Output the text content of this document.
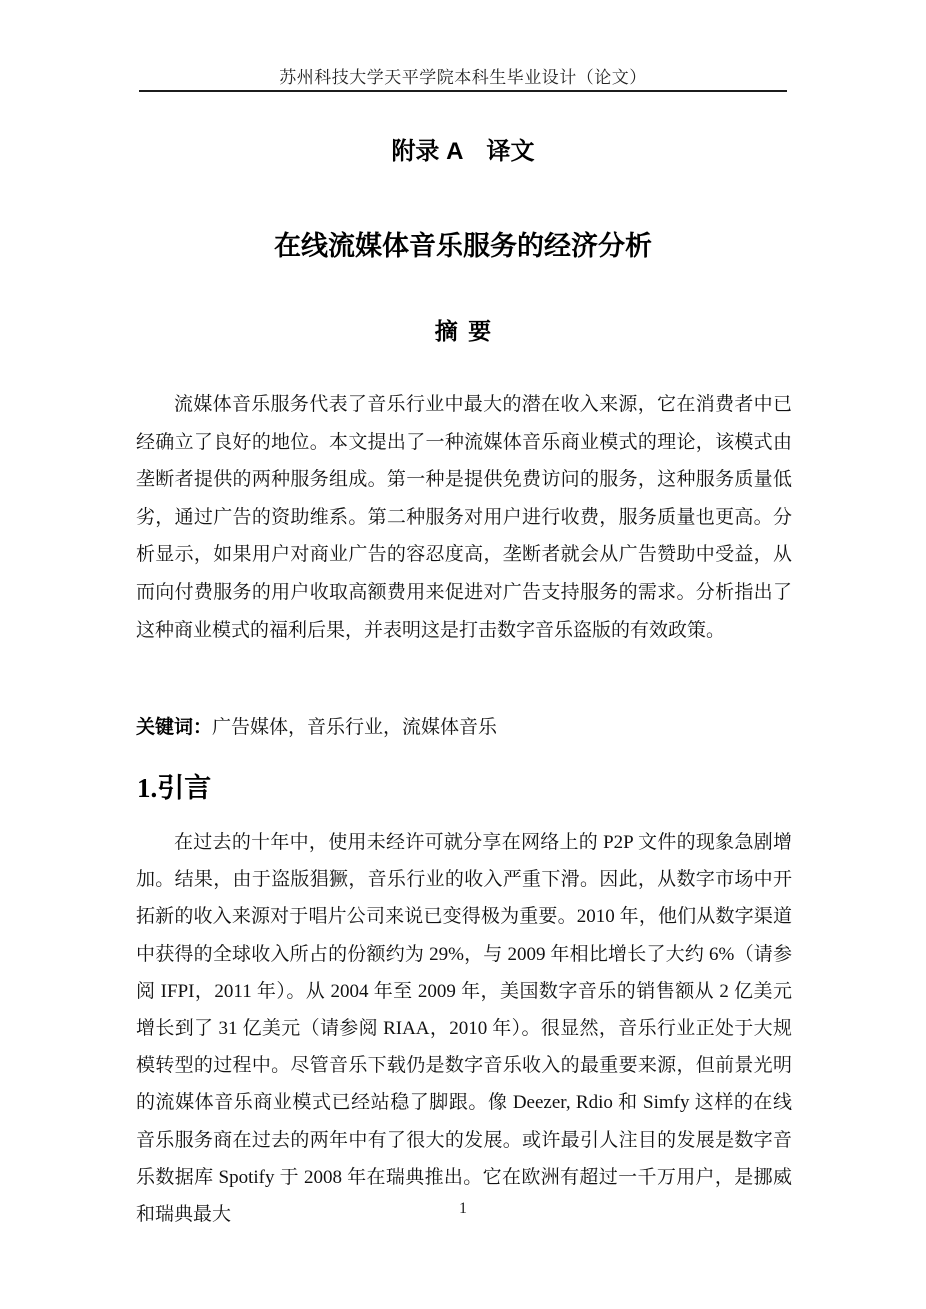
苏州科技大学天平学院本科生毕业设计（论文）
附录 A　译文
在线流媒体音乐服务的经济分析
摘 要

流媒体音乐服务代表了音乐行业中最大的潜在收入来源，它在消费者中已经确立了良好的地位。本文提出了一种流媒体音乐商业模式的理论，该模式由垄断者提供的两种服务组成。第一种是提供免费访问的服务，这种服务质量低劣，通过广告的资助维系。第二种服务对用户进行收费，服务质量也更高。分析显示，如果用户对商业广告的容忍度高，垄断者就会从广告赞助中受益，从而向付费服务的用户收取高额费用来促进对广告支持服务的需求。分析指出了这种商业模式的福利后果，并表明这是打击数字音乐盗版的有效政策。

关键词：广告媒体，音乐行业，流媒体音乐

1.引言

在过去的十年中，使用未经许可就分享在网络上的 P2P 文件的现象急剧增加。结果，由于盗版猖獗，音乐行业的收入严重下滑。因此，从数字市场中开拓新的收入来源对于唱片公司来说已变得极为重要。2010 年，他们从数字渠道中获得的全球收入所占的份额约为 29%，与 2009 年相比增长了大约 6%（请参阅 IFPI，2011 年）。从 2004 年至 2009 年，美国数字音乐的销售额从 2 亿美元增长到了 31 亿美元（请参阅 RIAA，2010 年）。很显然，音乐行业正处于大规模转型的过程中。尽管音乐下载仍是数字音乐收入的最重要来源，但前景光明的流媒体音乐商业模式已经站稳了脚跟。像 Deezer, Rdio 和 Simfy 这样的在线音乐服务商在过去的两年中有了很大的发展。或许最引人注目的发展是数字音乐数据库 Spotify 于 2008 年在瑞典推出。它在欧洲有超过一千万用户，是挪威和瑞典最大	1
